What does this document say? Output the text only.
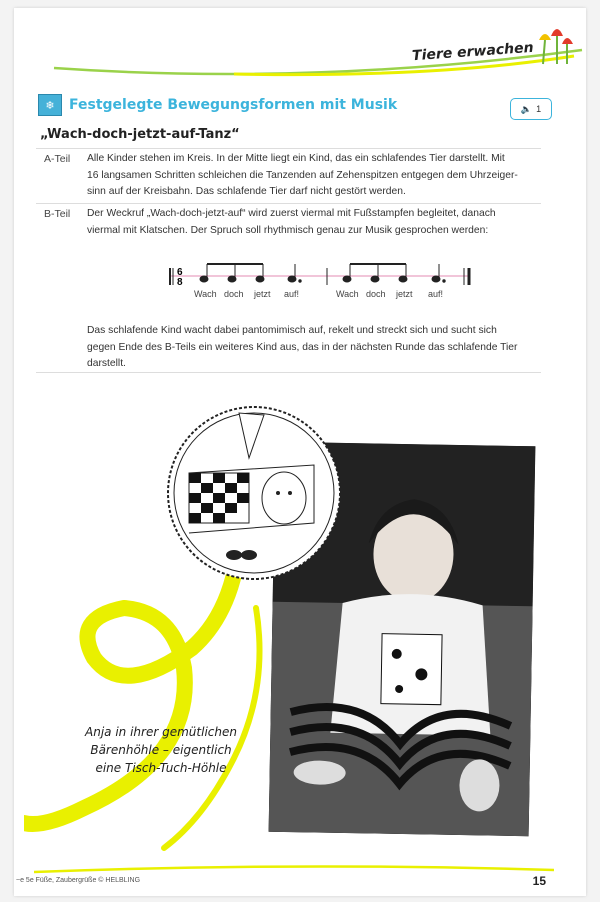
Tiere erwachen
❄	Festgelegte Bewegungsformen mit Musik	🔈 1
„Wach-doch-jetzt-auf-Tanz“
A-Teil Alle Kinder stehen im Kreis. In der Mitte liegt ein Kind, das ein schlafendes Tier darstellt. Mit
16 langsamen Schritten schleichen die Tanzenden auf Zehenspitzen entgegen dem Uhrzeiger-
sinn auf der Kreisbahn. Das schlafende Tier darf nicht gestört werden.
B-Teil Der Weckruf „Wach-doch-jetzt-auf“ wird zuerst viermal mit Fußstampfen begleitet, danach
viermal mit Klatschen. Der Spruch soll rhythmisch genau zur Musik gesprochen werden:
6
8
Wach doch jetzt auf!	Wach doch jetzt auf!
Das schlafende Kind wacht dabei pantomimisch auf, rekelt und streckt sich und sucht sich
gegen Ende des B-Teils ein weiteres Kind aus, das in der nächsten Runde das schlafende Tier
darstellt.
Anja in ihrer gemütlichen
Bärenhöhle – eigentlich
eine Tisch-Tuch-Höhle
~e 5e Füße, Zaubergrüße © HELBLING	15
